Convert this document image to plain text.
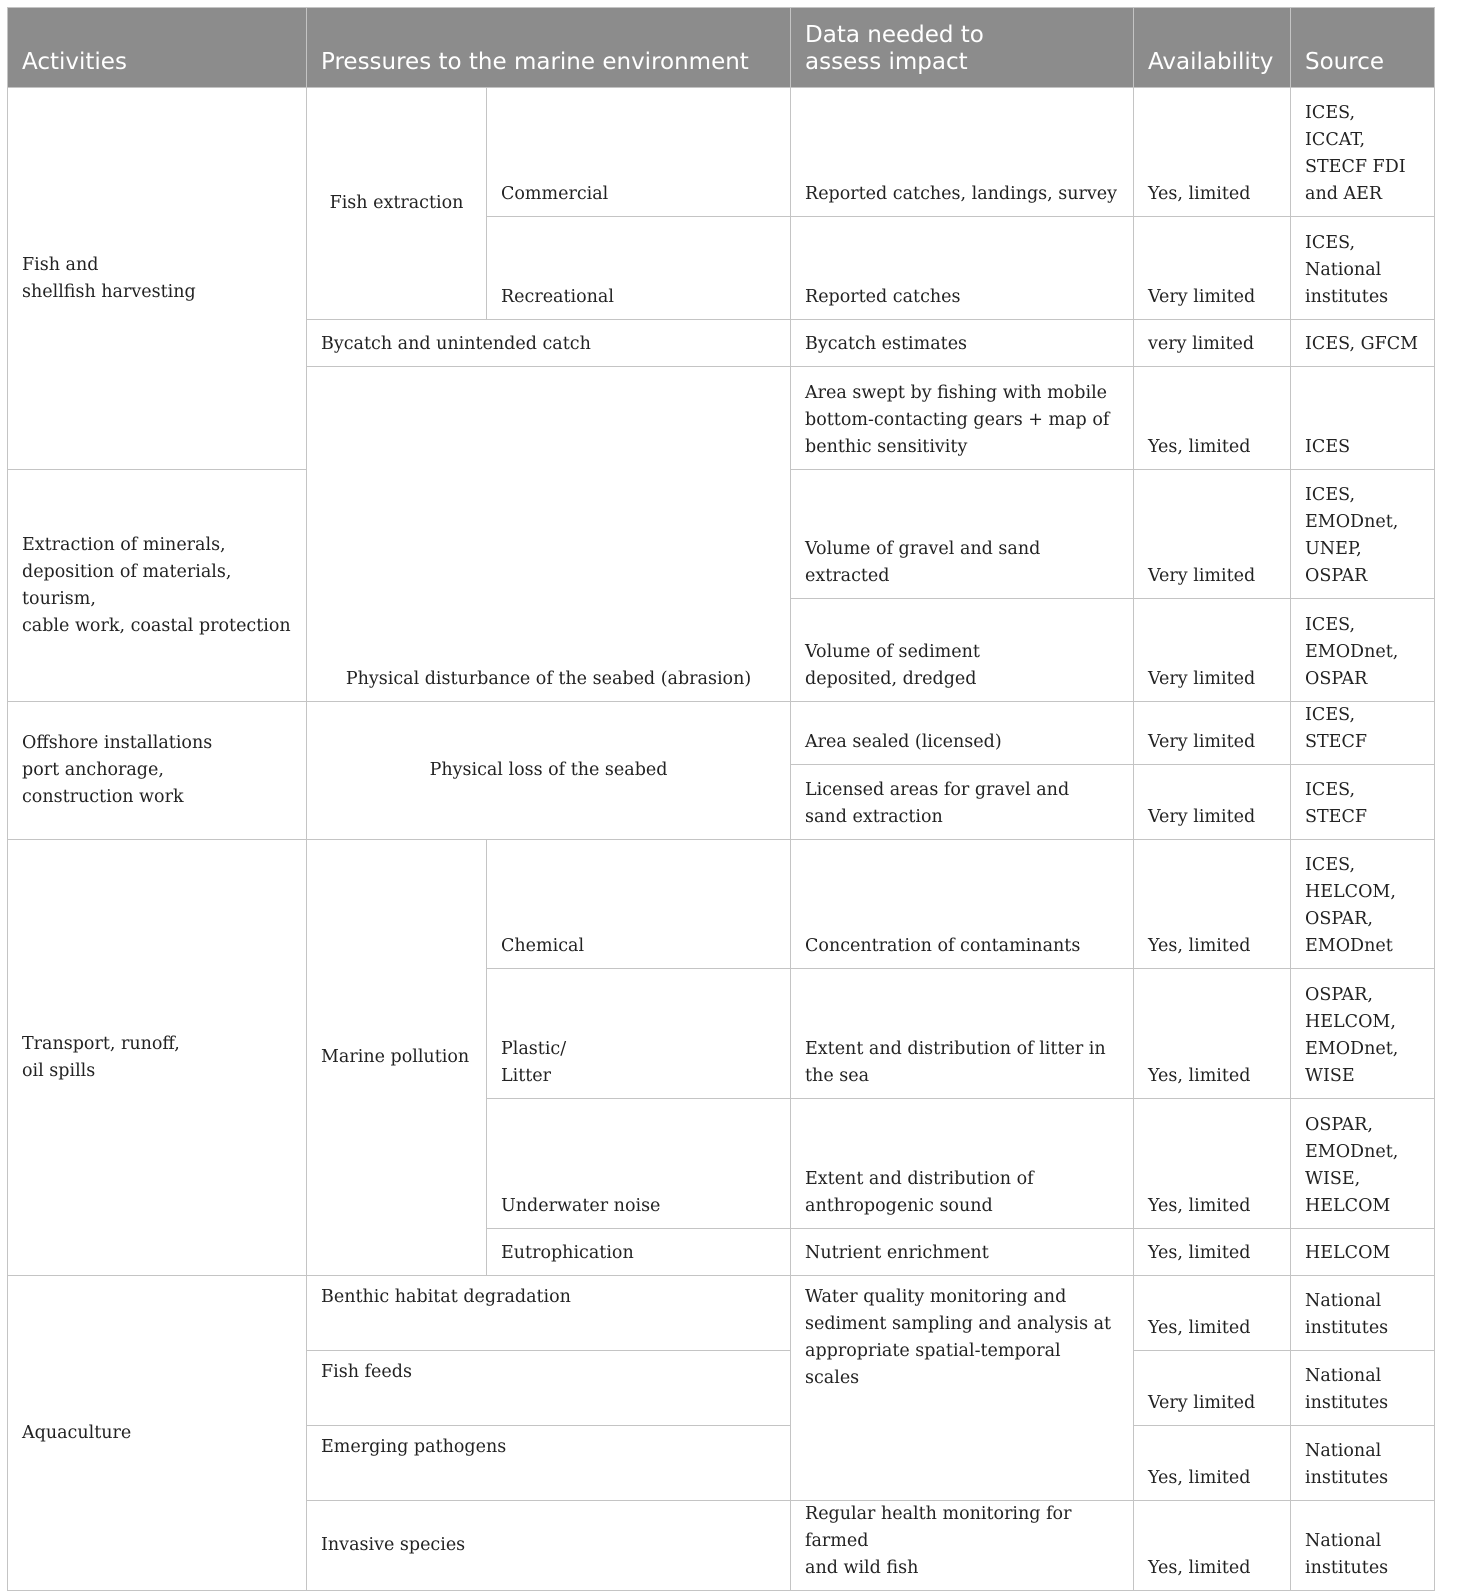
Activities	Pressures to the marine environment		Data needed to
assess impact	Availability	Source

Fish and
shellfish harvesting	Fish extraction	Commercial	Reported catches, landings, survey	Yes, limited	ICES,
ICCAT,
STECF FDI
and AER

		Recreational	Reported catches	Very limited	ICES,
National
institutes

	Bycatch and unintended catch		Bycatch estimates	very limited	ICES, GFCM
	Physical disturbance of the seabed (abrasion)		Area swept by fishing with mobile
bottom-contacting gears + map of
benthic sensitivity	Yes, limited	ICES

Extraction of minerals,
deposition of materials, tourism,
cable work, coastal protection			Volume of gravel and sand extracted	Very limited	ICES,
EMODnet,
UNEP,
OSPAR

			Volume of sediment
deposited, dredged	Very limited	ICES,
EMODnet,
OSPAR

Offshore installations
port anchorage,
construction work	Physical loss of the seabed		Area sealed (licensed)	Very limited	ICES, STECF

			Licensed areas for gravel and
sand extraction	Very limited	ICES, STECF

Transport, runoff,
oil spills	Marine pollution	Chemical	Concentration of contaminants	Yes, limited	ICES,
HELCOM,
OSPAR,
EMODnet

		Plastic/
Litter	Extent and distribution of litter in
the sea	Yes, limited	OSPAR,
HELCOM,
EMODnet,
WISE

		Underwater noise	Extent and distribution of
anthropogenic sound	Yes, limited	OSPAR,
EMODnet,
WISE,
HELCOM

		Eutrophication	Nutrient enrichment	Yes, limited	HELCOM
Aquaculture	Benthic habitat degradation		Water quality monitoring and
sediment sampling and analysis at
appropriate spatial-temporal scales	Yes, limited	National
institutes

	Fish feeds			Very limited	National
institutes

	Emerging pathogens			Yes, limited	National
institutes

	Invasive species		Regular health monitoring for farmed
and wild fish	Yes, limited	National
institutes
